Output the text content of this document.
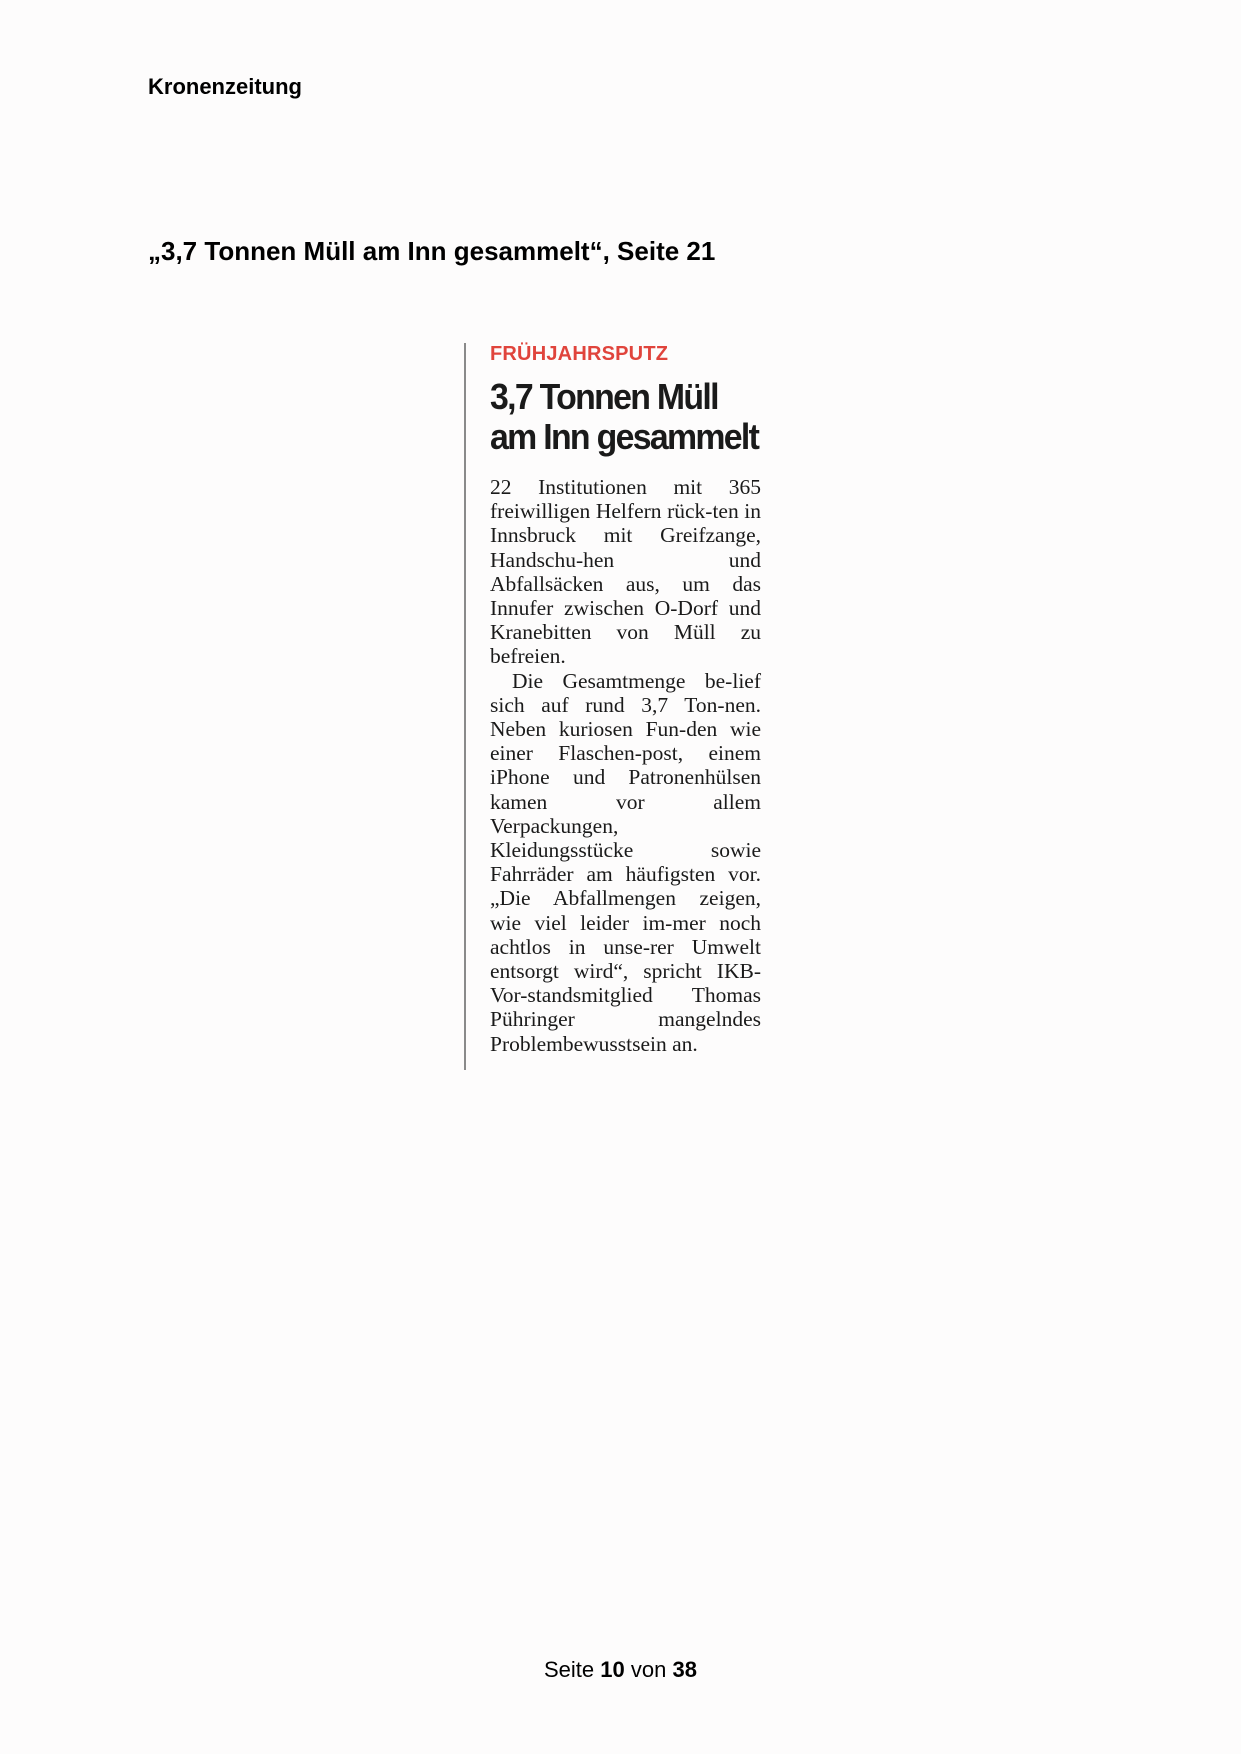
Kronenzeitung
„3,7 Tonnen Müll am Inn gesammelt“, Seite 21
FRÜHJAHRSPUTZ
3,7 Tonnen Müll
am Inn gesammelt

22 Institutionen mit 365 freiwilligen Helfern rück-ten in Innsbruck mit Greifzange, Handschu-hen und Abfallsäcken aus, um das Innufer zwischen O-Dorf und Kranebitten von Müll zu befreien.

Die Gesamtmenge be-lief sich auf rund 3,7 Ton-nen. Neben kuriosen Fun-den wie einer Flaschen-post, einem iPhone und Patronenhülsen kamen vor allem Verpackungen, Kleidungsstücke sowie Fahrräder am häufigsten vor. „Die Abfallmengen zeigen, wie viel leider im-mer noch achtlos in unse-rer Umwelt entsorgt wird“, spricht IKB-Vor-standsmitglied Thomas Pühringer mangelndes Problembewusstsein an.

Seite 10 von 38
